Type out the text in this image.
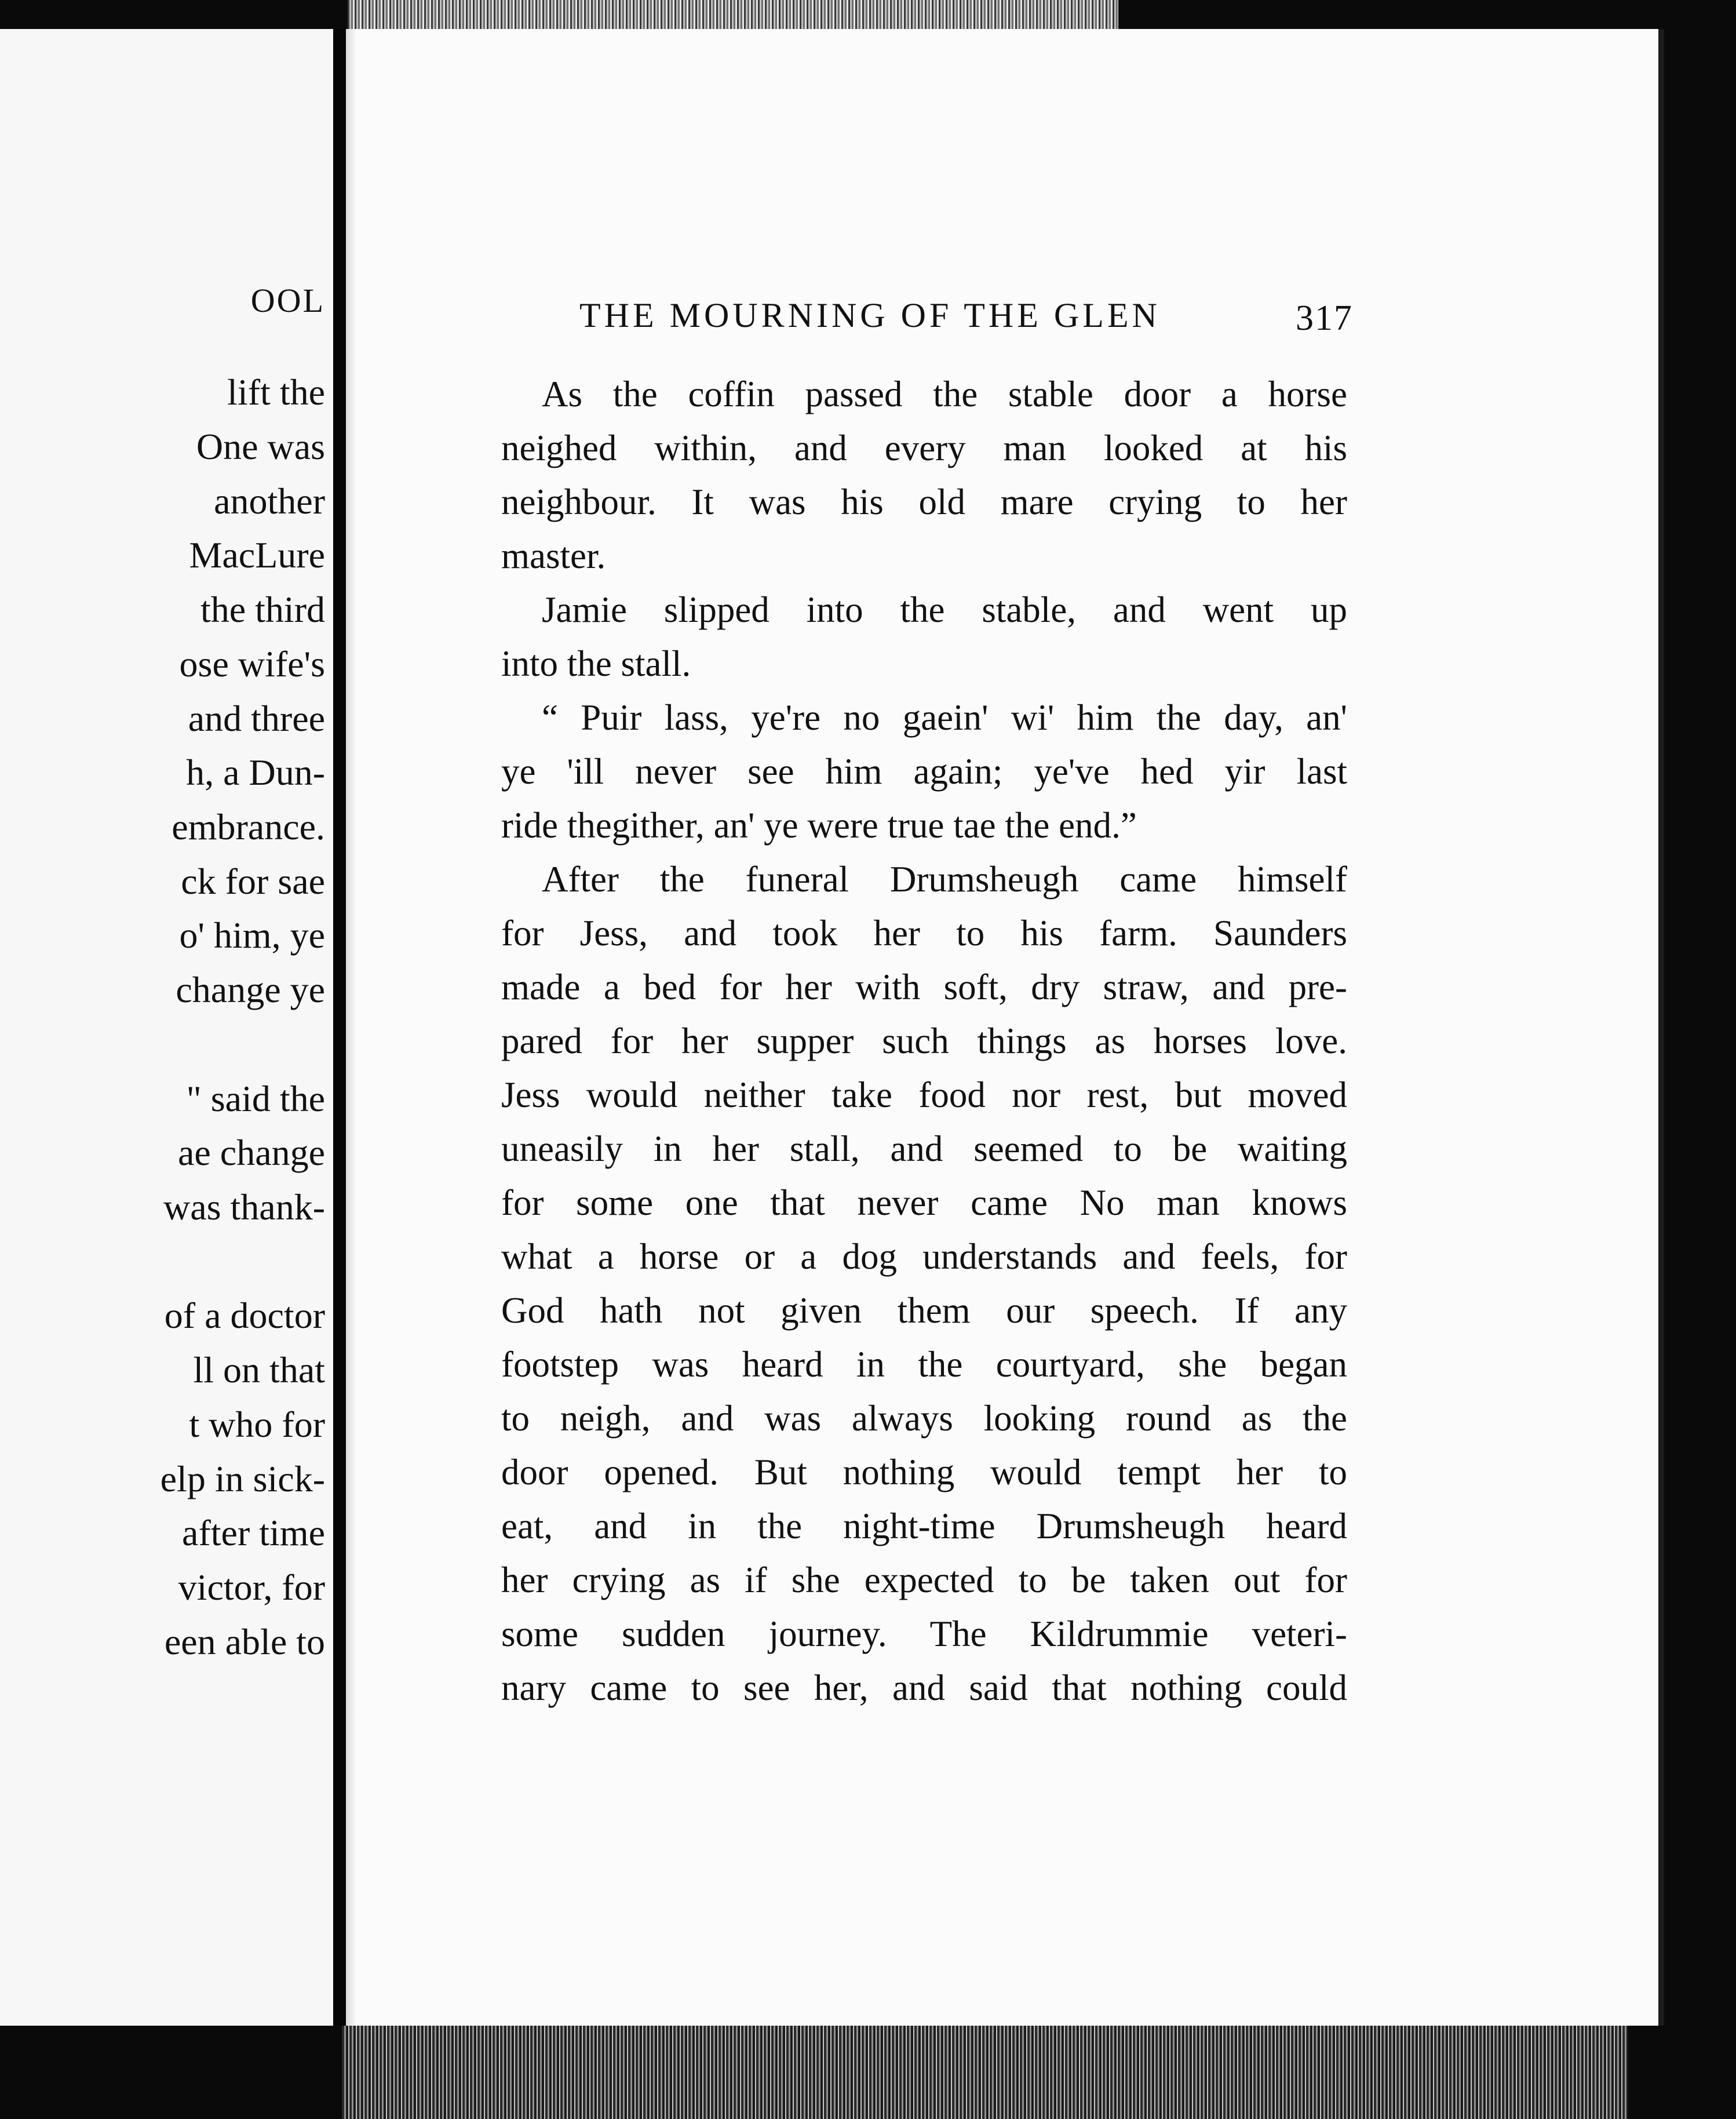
OOL
lift the
One was
another
MacLure
the third
ose wife's
and three
h, a Dun-
embrance.
ck for sae
o' him, ye
change ye
" said the
ae change
was thank-
of a doctor
ll on that
t who for
elp in sick-
after time
victor, for
een able to
THE MOURNING OF THE GLEN	317
As the coffin passed the stable door a horse
neighed within, and every man looked at his
neighbour. It was his old mare crying to her
master.
Jamie slipped into the stable, and went up
into the stall.
“ Puir lass, ye're no gaein' wi' him the day, an'
ye 'ill never see him again; ye've hed yir last
ride thegither, an' ye were true tae the end.”
After the funeral Drumsheugh came himself
for Jess, and took her to his farm. Saunders
made a bed for her with soft, dry straw, and pre-
pared for her supper such things as horses love.
Jess would neither take food nor rest, but moved
uneasily in her stall, and seemed to be waiting
for some one that never came No man knows
what a horse or a dog understands and feels, for
God hath not given them our speech. If any
footstep was heard in the courtyard, she began
to neigh, and was always looking round as the
door opened. But nothing would tempt her to
eat, and in the night-time Drumsheugh heard
her crying as if she expected to be taken out for
some sudden journey. The Kildrummie veteri-
nary came to see her, and said that nothing could
